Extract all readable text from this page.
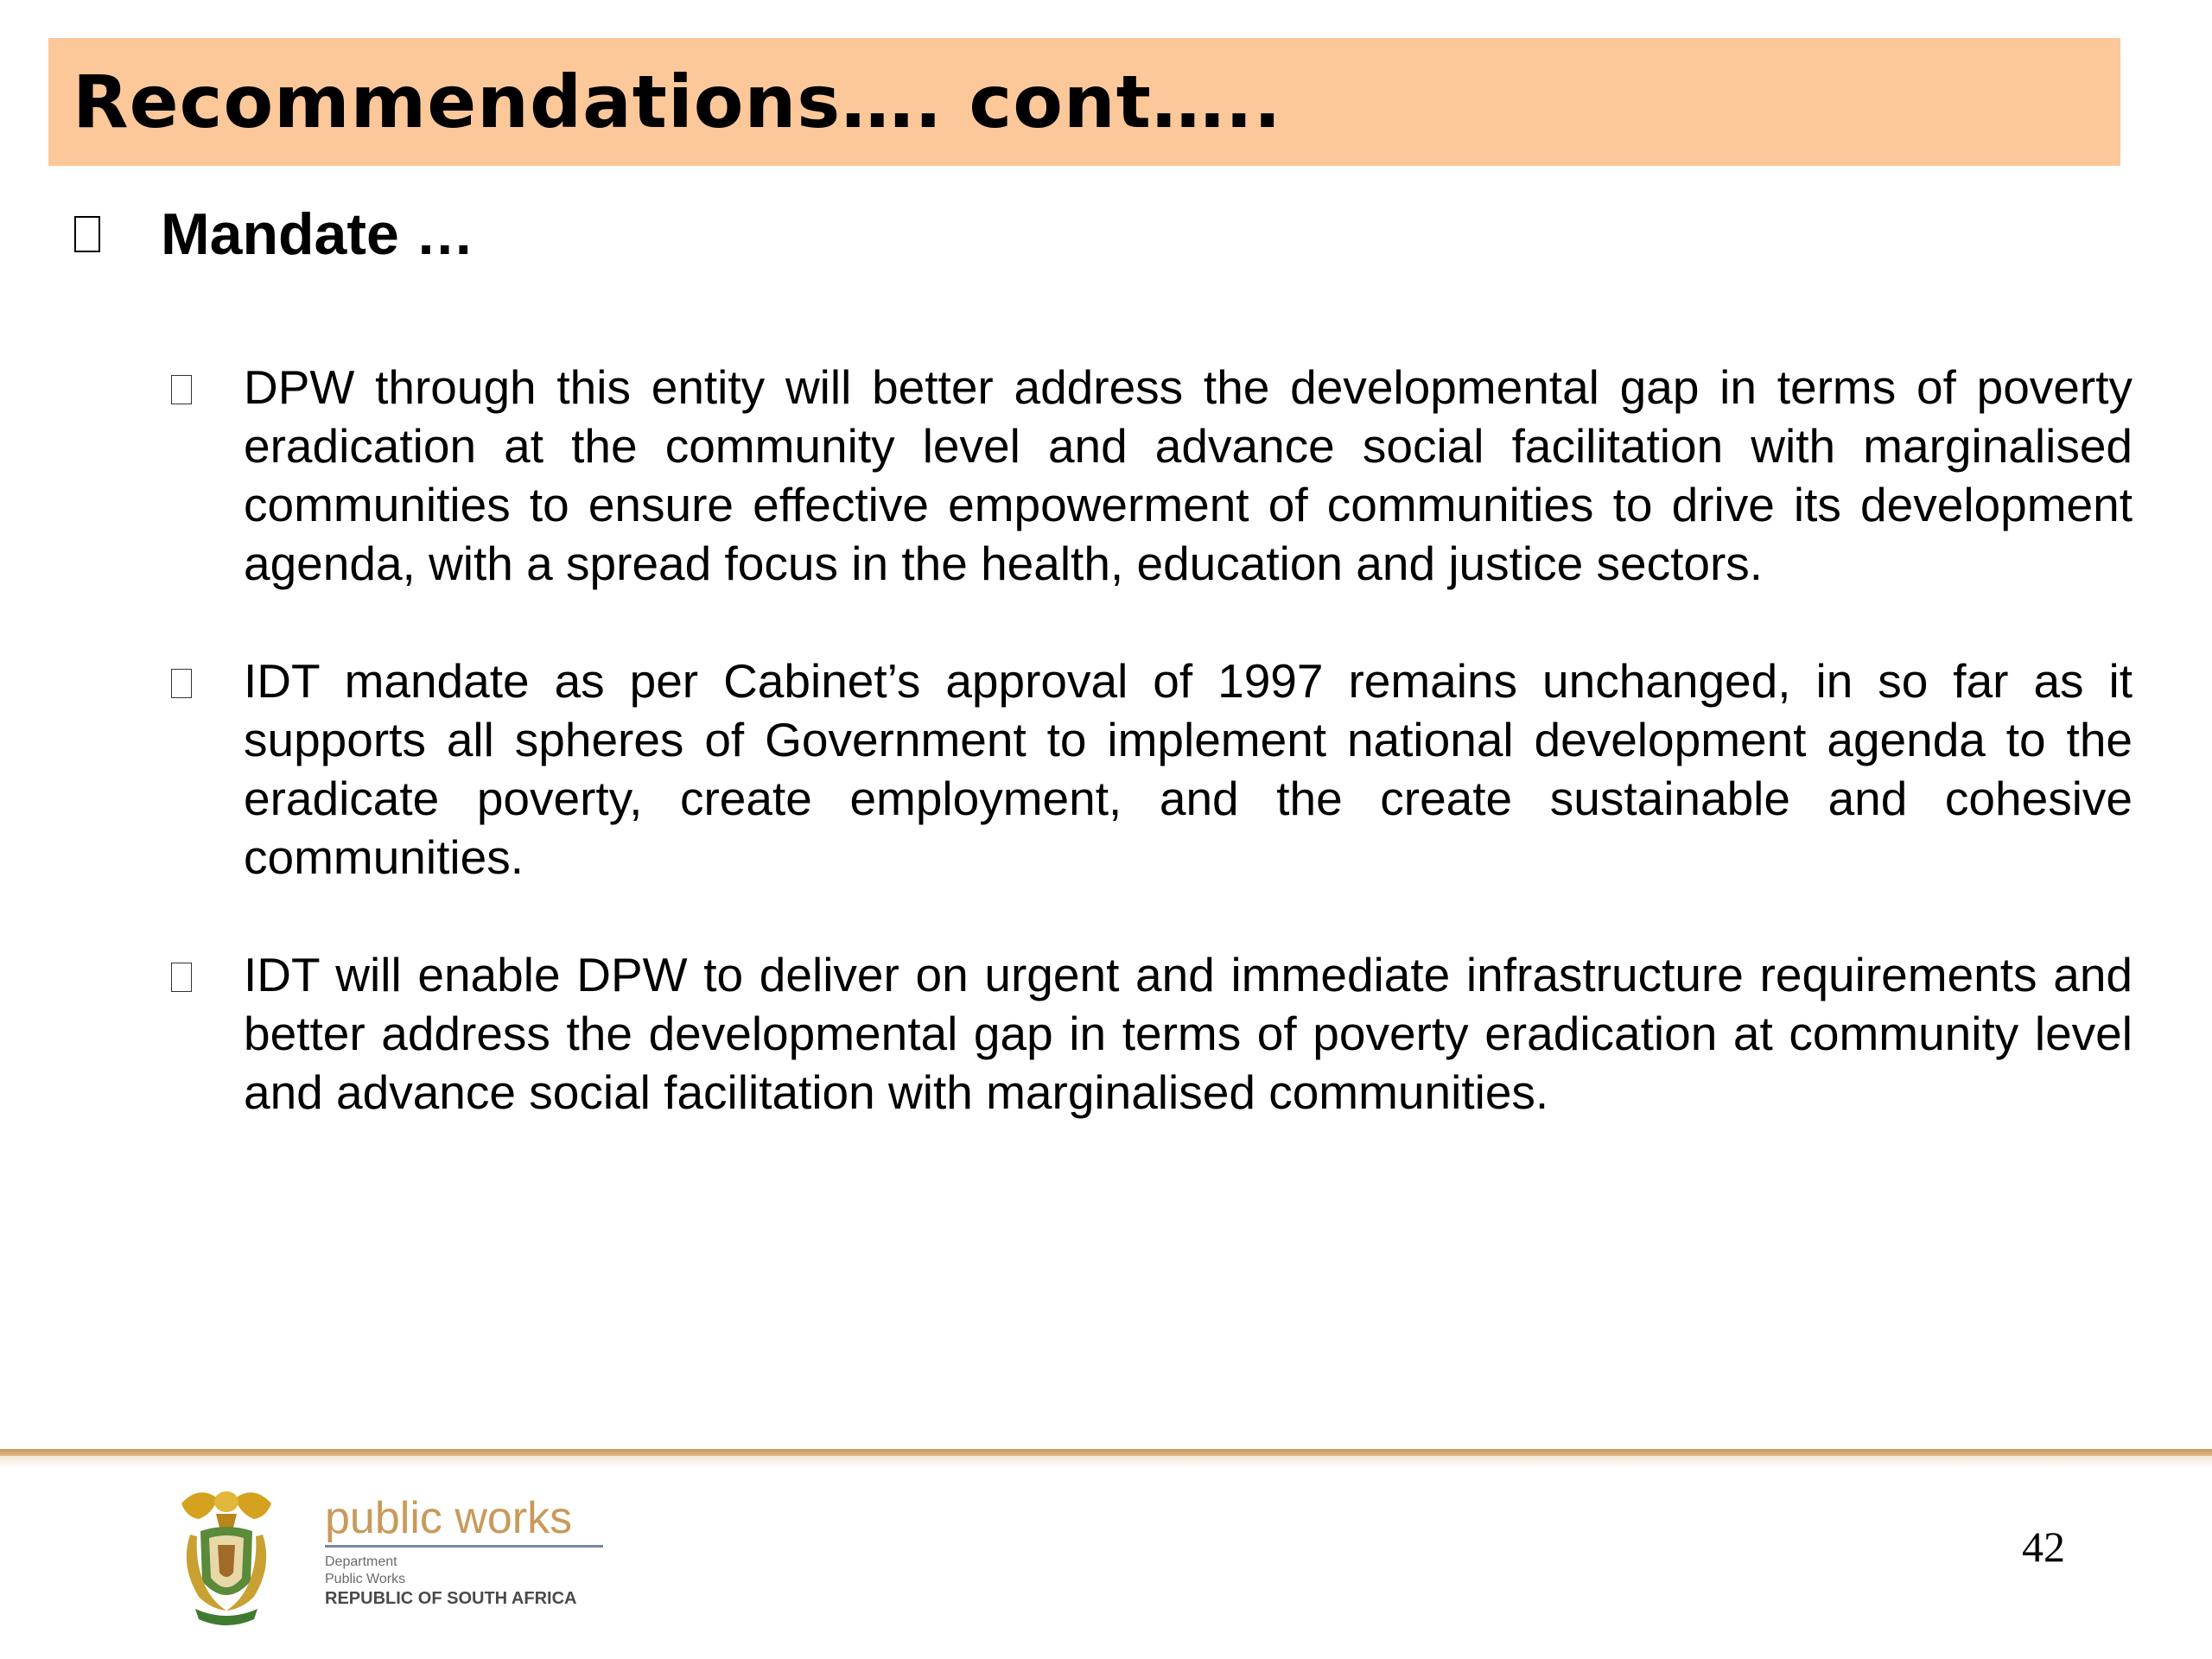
Recommendations…. cont…..
Mandate …
DPW through this entity will better address the developmental gap in terms of poverty eradication at the community level and advance social facilitation with marginalised communities to ensure effective empowerment of communities to drive its development agenda, with a spread focus in the health, education and justice sectors.
IDT mandate as per Cabinet’s approval of 1997 remains unchanged, in so far as it supports all spheres of Government to implement national development agenda to the eradicate poverty, create employment, and the create sustainable and cohesive communities.
IDT will enable DPW to deliver on urgent and immediate infrastructure requirements and better address the developmental gap in terms of poverty eradication at community level and advance social facilitation with marginalised communities.
public works
Department
Public Works
REPUBLIC OF SOUTH AFRICA
42
